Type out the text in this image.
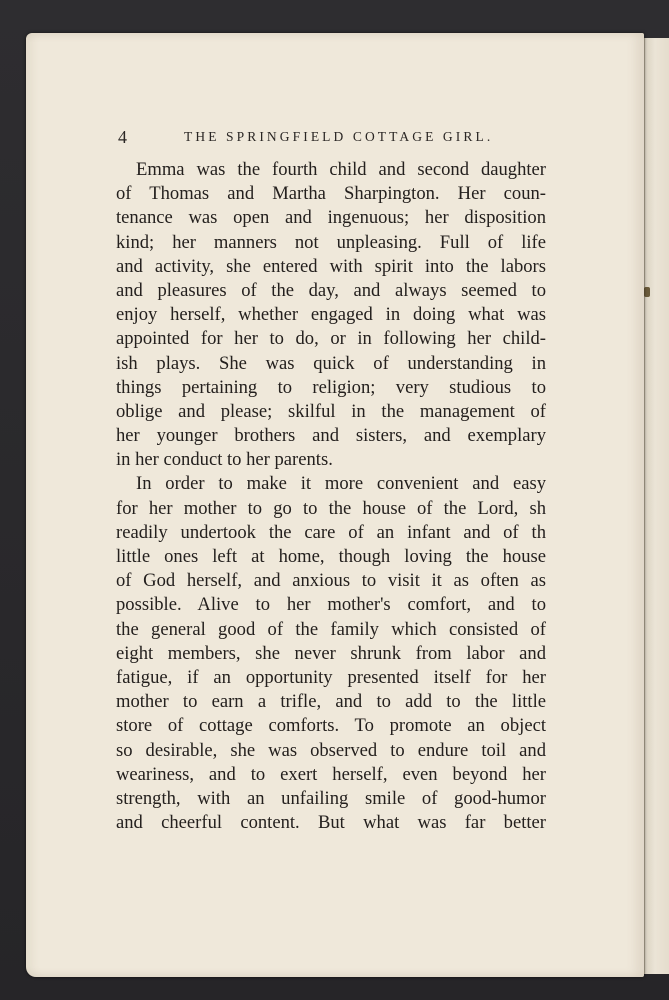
4	THE SPRINGFIELD COTTAGE GIRL.
Emma was the fourth child and second daughter
of Thomas and Martha Sharpington. Her coun-
tenance was open and ingenuous; her disposition
kind; her manners not unpleasing. Full of life
and activity, she entered with spirit into the labors
and pleasures of the day, and always seemed to
enjoy herself, whether engaged in doing what was
appointed for her to do, or in following her child-
ish plays. She was quick of understanding in
things pertaining to religion; very studious to
oblige and please; skilful in the management of
her younger brothers and sisters, and exemplary
in her conduct to her parents.
In order to make it more convenient and easy
for her mother to go to the house of the Lord, sh
readily undertook the care of an infant and of th
little ones left at home, though loving the house
of God herself, and anxious to visit it as often as
possible. Alive to her mother's comfort, and to
the general good of the family which consisted of
eight members, she never shrunk from labor and
fatigue, if an opportunity presented itself for her
mother to earn a trifle, and to add to the little
store of cottage comforts. To promote an object
so desirable, she was observed to endure toil and
weariness, and to exert herself, even beyond her
strength, with an unfailing smile of good-humor
and cheerful content. But what was far better
